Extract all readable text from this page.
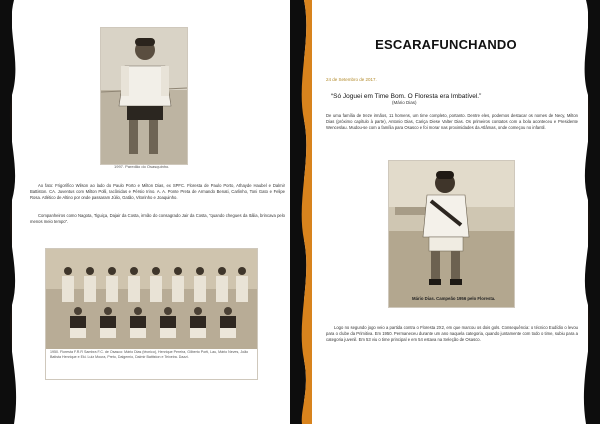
1997. Paredão do Osasquinho.

Ao fato: Frigorífico Wilson ao lado do Paulo Porto e Milton Dias, ex SPFC. Floresta de Paulo Porto, Athayde Haubel e Dalmir Battiston. CA. Juventus com Milton Polli, Iacônidas e Pérsio Irino. A. A. Ponte Preta de Armando Benati, Carlinho, Toni Gato e Felipe Rosa. Atlético de Altino por onde passaram Júlio, Gatão, Vitorinho e Joaquinho.

Companheiros como Nagota, Tiguiça, Dajair da Costa, irmão do consagrado Jair da Costa, "quando chegues da Itália, brincava pelo menos meio tempo".

1950. Floresta F.R.R Sambra F.C. de Osasco: Mário Dias (técnico), Henrique Pereira, Gilberto Porti, Lau, Mário Neves, João Batista Henrique e Eki. Luiz Moura, Preto, Dalgemio, Dalmir Battiston e Teixeira. Dazzi.
ESCARAFUNCHANDO
24 de Setembro de 2017.
“Só Joguei em Time Bom. O Floresta era Imbatível.”
(Mário Dias)

De uma família de treze irmãos, 11 homens, um time completo, portanto. Dentre eles, podemos destacar os nomes de Necy, Milton Dias (próximo capítulo à parte), Antonio Dias, Cariça Diese Valter Dias. Os primeiros contatos com a bola aconteceu e Presidente Wenceslau. Mudou-se com a família para Osasco e foi morar nas proximidades da Atlâmas, onde começou no infantil.

Mário Dias. Campeão 1956 pelo Floresta.

Logo no segundo jogo veio a partida contra o Floresta 2X2, em que marcou os dois gols. Consequência: o técnico Eudídio o levou para o clube da Primitiva. Em 1950. Permaneceu durante um ano naquela categoria, quando juntamente com todo o time, subiu para a categoria juvenil. Em 53 viu o time principal e em 54 estava na Seleção de Osasco.
